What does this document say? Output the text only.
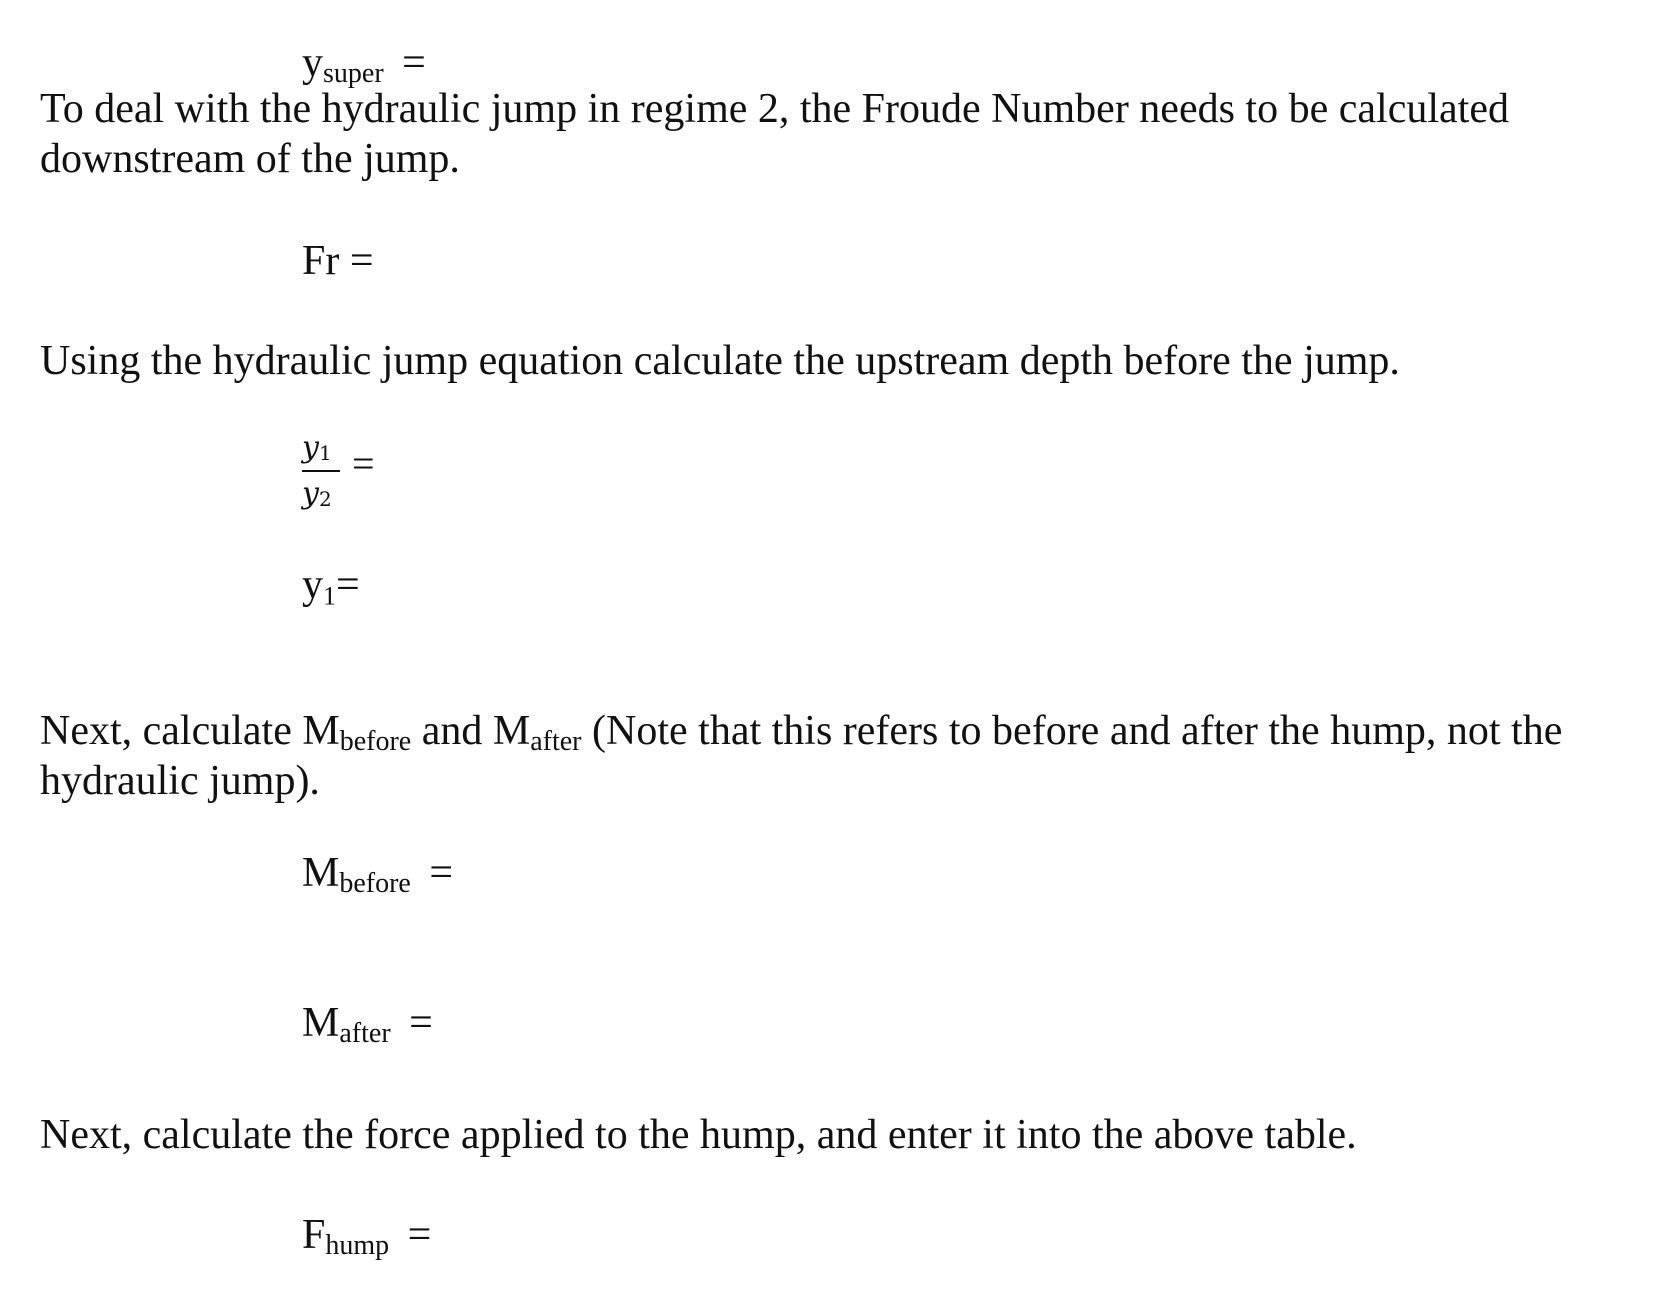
$y_{super}$ =

To deal with the hydraulic jump in regime 2, the Froude Number needs to be calculated downstream of the jump.

Fr =

Using the hydraulic jump equation calculate the upstream depth before the jump.

y1
y2
=
y1=

Next, calculate $M_{before}$ and $M_{after}$ (Note that this refers to before and after the hump, not the hydraulic jump).

$M_{before}$ =
$M_{after}$ =

Next, calculate the force applied to the hump, and enter it into the above table.

$F_{hump}$ =
